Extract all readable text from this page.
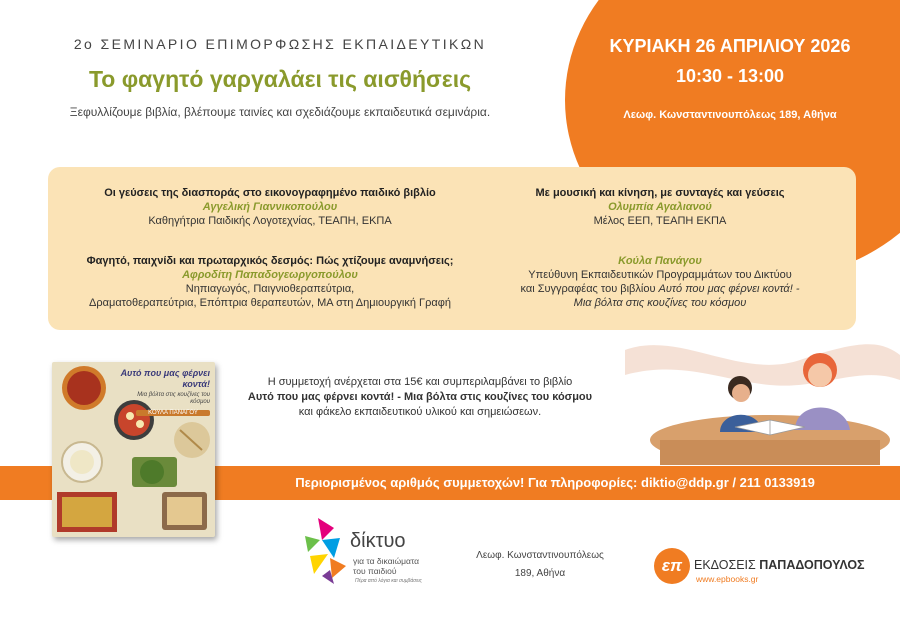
ΚΥΡΙΑΚΗ 26 ΑΠΡΙΛΙΟΥ 2026
10:30 - 13:00
Λεωφ. Κωνσταντινουπόλεως 189, Αθήνα
2ο ΣΕΜΙΝΑΡΙΟ ΕΠΙΜΟΡΦΩΣΗΣ ΕΚΠΑΙΔΕΥΤΙΚΩΝ
Το φαγητό γαργαλάει τις αισθήσεις
Ξεφυλλίζουμε βιβλία, βλέπουμε ταινίες και σχεδιάζουμε εκπαιδευτικά σεμινάρια.
Οι γεύσεις της διασποράς στο εικονογραφημένο παιδικό βιβλίο
Αγγελική Γιαννικοπούλου
Καθηγήτρια Παιδικής Λογοτεχνίας, ΤΕΑΠΗ, ΕΚΠΑ
Με μουσική και κίνηση, με συνταγές και γεύσεις
Ολυμπία Αγαλιανού
Μέλος ΕΕΠ, ΤΕΑΠΗ ΕΚΠΑ
Φαγητό, παιχνίδι και πρωταρχικός δεσμός: Πώς χτίζουμε αναμνήσεις;
Αφροδίτη Παπαδογεωργοπούλου
Νηπιαγωγός, Παιγνιοθεραπεύτρια,
Δραματοθεραπεύτρια, Επόπτρια θεραπευτών, MA στη Δημιουργική Γραφή
Κούλα Πανάγου
Υπεύθυνη Εκπαιδευτικών Προγραμμάτων του Δικτύου
και Συγγραφέας του βιβλίου Αυτό που μας φέρνει κοντά! -
Μια βόλτα στις κουζίνες του κόσμου
Η συμμετοχή ανέρχεται στα 15€ και συμπεριλαμβάνει το βιβλίο
Αυτό που μας φέρνει κοντά! - Μια βόλτα στις κουζίνες του κόσμου
και φάκελο εκπαιδευτικού υλικού και σημειώσεων.
Περιορισμένος αριθμός συμμετοχών! Για πληροφορίες: diktio@ddp.gr / 211 0133919
Αυτό που μας φέρνει κοντά!
Μια βόλτα στις κουζίνες του κόσμου
ΚΟΥΛΑ ΠΑΝΑΓΟΥ
δίκτυο
για τα δικαιώματα
του παιδιού
Πέρα από λόγια και συμβάσεις
Λεωφ. Κωνσταντινουπόλεως
189, Αθήνα	επ ΕΚΔΟΣΕΙΣ ΠΑΠΑΔΟΠΟΥΛΟΣ
www.epbooks.gr
